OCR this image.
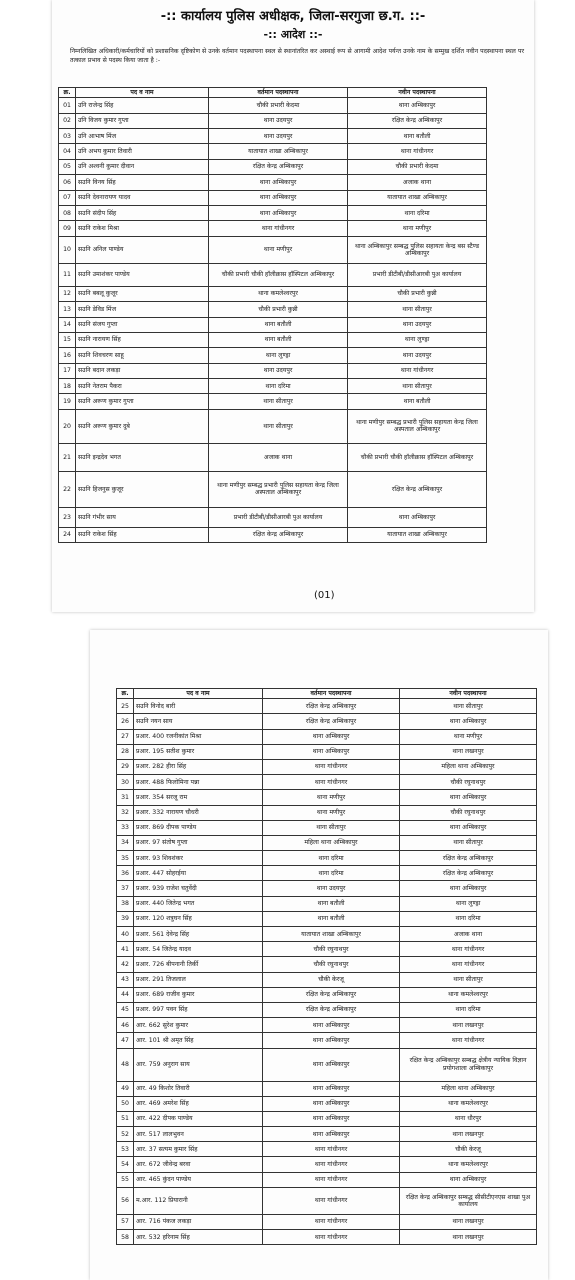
-:: कार्यालय पुलिस अधीक्षक, जिला-सरगुजा छ.ग. ::-
-:: आदेश ::-
निम्नलिखित अधिकारी/कर्मचारियों को प्रशासनिक दृष्टिकोण से उनके वर्तमान पदस्थापना स्थल से स्थानांतरित कर अस्थाई रूप से आगामी आदेश पर्यन्त उनके नाम के सम्मुख दर्शित नवीन पदस्थापना स्थल पर तत्काल प्रभाव से पदस्थ किया जाता है :-
(01)
क्र.	पद व नाम	वर्तमान पदस्थापना	नवीन पदस्थापना
01	उनि राजेन्द्र सिंह	चौकी प्रभारी केदमा	थाना अम्बिकापुर
02	उनि विजय कुमार गुप्ता	थाना उदयपुर	रक्षित केन्द्र अम्बिकापुर
03	उनि आभाष मिंज	थाना उदयपुर	थाना बतौली
04	उनि अभय कुमार तिवारी	यातायात शाखा अम्बिकापुर	थाना गांधीनगर
05	उनि अश्वनी कुमार दीवान	रक्षित केन्द्र अम्बिकापुर	चौकी प्रभारी केदमा
06	सउनि विनय सिंह	थाना अम्बिकापुर	अजाक थाना
07	सउनि देवनारायण यादव	थाना अम्बिकापुर	यातायात शाखा अम्बिकापुर
08	सउनि संदीप सिंह	थाना अम्बिकापुर	थाना दरिमा
09	सउनि राकेश मिश्रा	थाना गांधीनगर	थाना मणीपुर
10	सउनि अनिल पाण्डेय	थाना मणीपुर	थाना अम्बिकापुर सम्बद्ध पुलिस सहायता केन्द्र बस स्टैण्ड अम्बिकापुर
11	सउनि उमाशंकर पाण्डेय	चौकी प्रभारी चौकी हॉलीक्रास हॉस्पिटल अम्बिकापुर	प्रभारी डीटीबी/डीसीआरबी पुअ कार्यालय
12	सउनि बबलू कुजूर	थाना कमलेश्वरपुर	चौकी प्रभारी कुन्नी
13	सउनि डेविड मिंज	चौकी प्रभारी कुन्नी	थाना सीतापुर
14	सउनि संजय गुप्ता	थाना बतौली	थाना उदयपुर
15	सउनि नारायण सिंह	थाना बतौली	थाना लुण्ड्रा
16	सउनि शिवचरण साहू	थाना लुण्ड्रा	थाना उदयपुर
17	सउनि बदान लकड़ा	थाना उदयपुर	थाना गांधीनगर
18	सउनि नेतराम पैकरा	थाना दरिमा	थाना सीतापुर
19	सउनि अरूण कुमार गुप्ता	थाना सीतापुर	थाना बतौली
20	सउनि अरूण कुमार दुबे	थाना सीतापुर	थाना मणीपुर सम्बद्ध प्रभारी पुलिस सहायता केन्द्र जिला अस्पताल अम्बिकापुर
21	सउनि इन्द्रदेव भगत	अजाक थाना	चौकी प्रभारी चौकी हॉलीक्रास हॉस्पिटल अम्बिकापुर
22	सउनि हिजनुस कुजूर	थाना मणीपुर सम्बद्ध प्रभारी पुलिस सहायता केन्द्र जिला अस्पताल अम्बिकापुर	रक्षित केन्द्र अम्बिकापुर
23	सउनि गंभीर साय	प्रभारी डीटीबी/डीसीआरबी पुअ कार्यालय	थाना अम्बिकापुर
24	सउनि राकेश सिंह	रक्षित केन्द्र अम्बिकापुर	यातायात शाखा अम्बिकापुर
क्र.	पद व नाम	वर्तमान पदस्थापना	नवीन पदस्थापना
25	सउनि विनोद बारी	रक्षित केन्द्र अम्बिकापुर	थाना सीतापुर
26	सउनि नयन साय	रक्षित केन्द्र अम्बिकापुर	थाना अम्बिकापुर
27	प्रआर. 400 रजनीकांत मिश्रा	थाना अम्बिकापुर	थाना मणीपुर
28	प्रआर. 195 सतीश कुमार	थाना अम्बिकापुर	थाना लखनपुर
29	प्रआर. 282 हीरा सिंह	थाना गांधीनगर	महिला थाना अम्बिकापुर
30	प्रआर. 488 फिलोमिना पन्ना	थाना गांधीनगर	चौकी रघुनाथपुर
31	प्रआर. 354 सरजू राम	थाना मणीपुर	थाना अम्बिकापुर
32	प्रआर. 332 नारायण चौधरी	थाना मणीपुर	चौकी रघुनाथपुर
33	प्रआर. 869 दीपक पाण्डेय	थाना सीतापुर	थाना अम्बिकापुर
34	प्रआर. 97 संतोष गुप्ता	महिला थाना अम्बिकापुर	थाना सीतापुर
35	प्रआर. 93 शिवशंकर	थाना दरिमा	रक्षित केन्द्र अम्बिकापुर
36	प्रआर. 447 सोहरईया	थाना दरिमा	रक्षित केन्द्र अम्बिकापुर
37	प्रआर. 939 राजेश चतुर्वेदी	थाना उदयपुर	थाना अम्बिकापुर
38	प्रआर. 440 जितेन्द्र भगत	थाना बतौली	थाना लुण्ड्रा
39	प्रआर. 120 शत्रुघन सिंह	थाना बतौली	थाना दरिमा
40	प्रआर. 561 देवेन्द्र सिंह	यातायात शाखा अम्बिकापुर	अजाक थाना
41	प्रआर. 54 जितेन्द्र यादव	चौकी रघुनाथपुर	थाना गांधीनगर
42	प्रआर. 726 बीपनानी तिर्की	चौकी रघुनाथपुर	थाना गांधीनगर
43	प्रआर. 291 तिजलाल	चौकी केरजू	थाना सीतापुर
44	प्रआर. 689 राजीव कुमार	रक्षित केन्द्र अम्बिकापुर	थाना कमलेश्वरपुर
45	प्रआर. 997 पवन सिंह	रक्षित केन्द्र अम्बिकापुर	थाना दरिमा
46	आर. 662 सुरेश कुमार	थाना अम्बिकापुर	थाना लखनपुर
47	आर. 101 श्री अमृत सिंह	थाना अम्बिकापुर	थाना गांधीनगर
48	आर. 759 अनुराग साय	थाना अम्बिकापुर	रक्षित केन्द्र अम्बिकापुर सम्बद्ध क्षेत्रीय न्यायिक विज्ञान प्रयोगशाला अम्बिकापुर
49	आर. 49 किशोर तिवारी	थाना अम्बिकापुर	महिला थाना अम्बिकापुर
50	आर. 469 अमरेश सिंह	थाना अम्बिकापुर	थाना कमलेश्वरपुर
51	आर. 422 दीपक पाण्डेय	थाना अम्बिकापुर	थाना धौरपुर
52	आर. 517 लालभुवन	थाना अम्बिकापुर	थाना लखनपुर
53	आर. 37 सत्यम कुमार सिंह	थाना गांधीनगर	चौकी केरजू
54	आर. 672 जीवेन्द्र बरवा	थाना गांधीनगर	थाना कमलेश्वरपुर
55	आर. 465 कुंदन पाण्डेय	थाना गांधीनगर	थाना अम्बिकापुर
56	म.आर. 112 प्रियारानी	थाना गांधीनगर	रक्षित केन्द्र अम्बिकापुर सम्बद्ध सीसीटीएनएस शाखा पुअ कार्यालय
57	आर. 716 पंकज लकड़ा	थाना गांधीनगर	थाना लखनपुर
58	आर. 532 हरिनाम सिंह	थाना गांधीनगर	थाना लखनपुर
